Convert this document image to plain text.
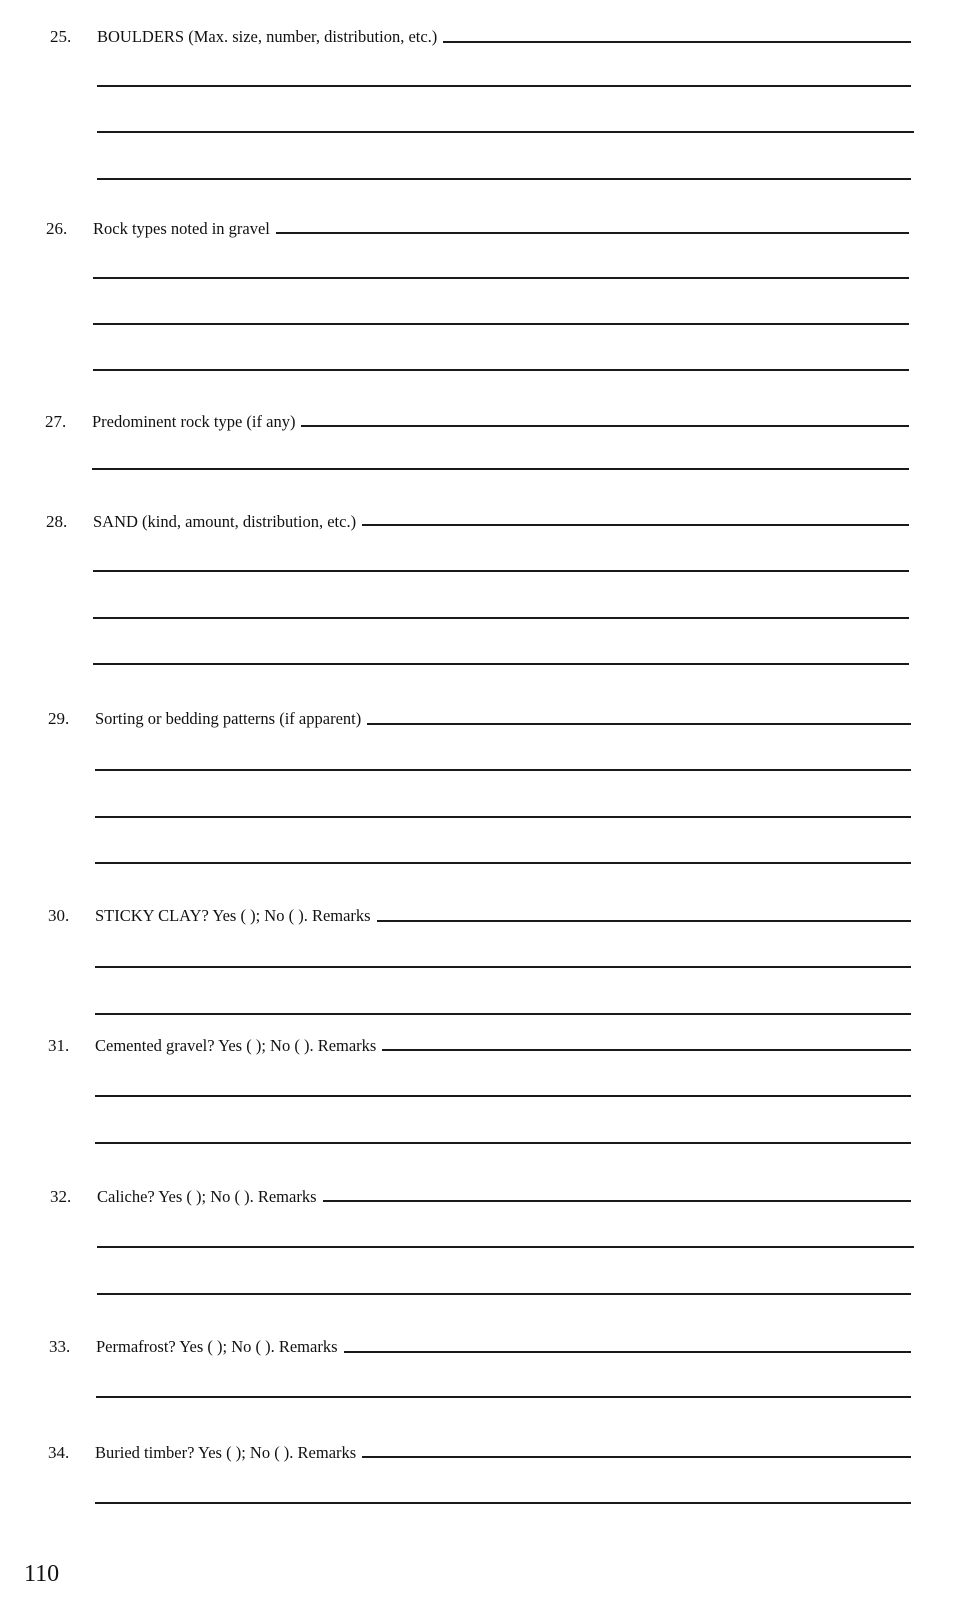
25. BOULDERS (Max. size, number, distribution, etc.)
26. Rock types noted in gravel
27. Predominent rock type (if any)
28. SAND (kind, amount, distribution, etc.)
29. Sorting or bedding patterns (if apparent)
30. STICKY CLAY? Yes ( ); No ( ). Remarks
31. Cemented gravel? Yes ( ); No ( ). Remarks
32. Caliche? Yes ( ); No ( ). Remarks
33. Permafrost? Yes ( ); No ( ). Remarks
34. Buried timber? Yes ( ); No ( ). Remarks
110
